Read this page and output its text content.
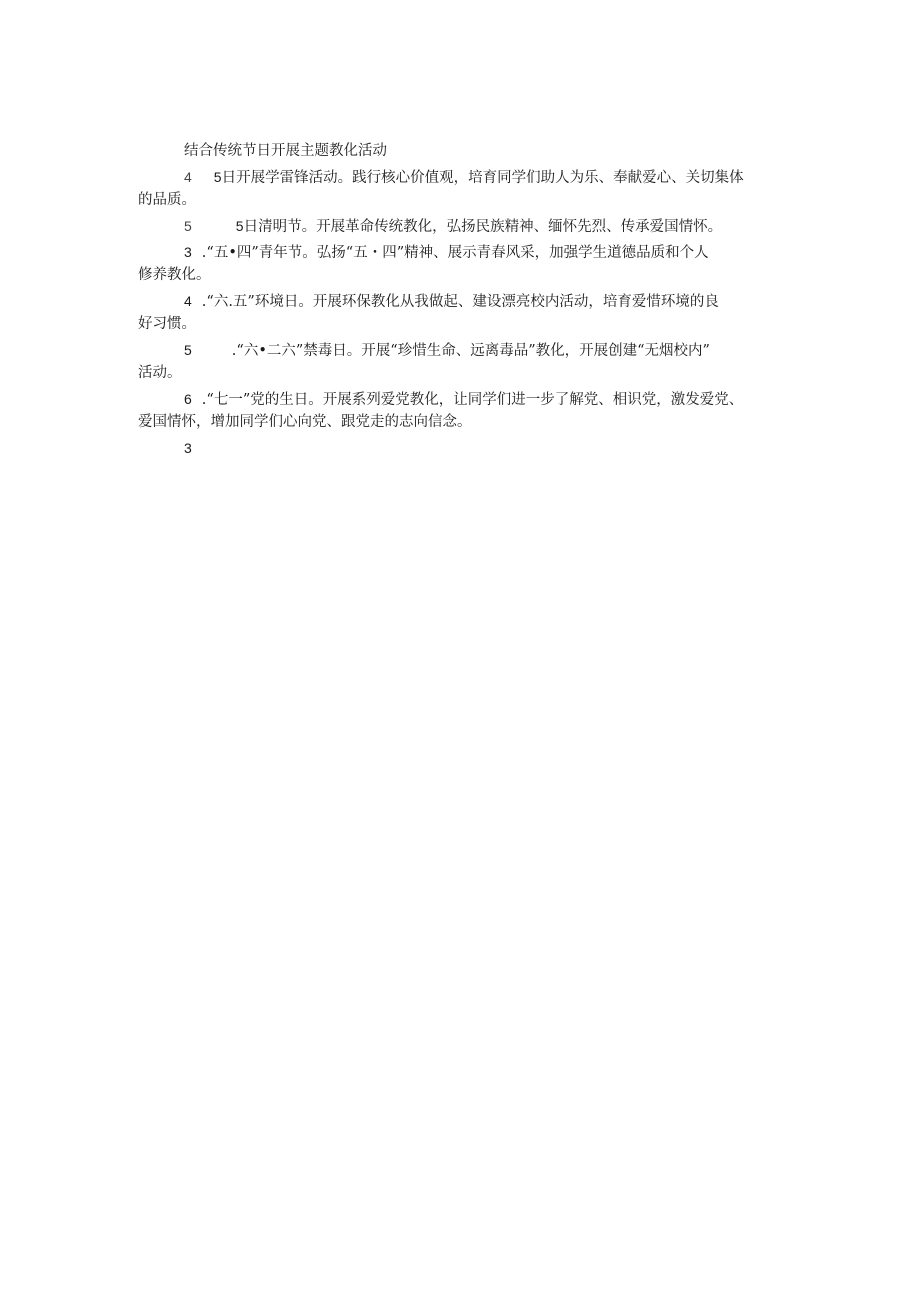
结合传统节日开展主题教化活动
4 5日开展学雷锋活动。践行核心价值观，培育同学们助人为乐、奉献爱心、关切集体
的品质。
5	5日清明节。开展革命传统教化，弘扬民族精神、缅怀先烈、传承爱国情怀。
3 .“五•四”青年节。弘扬“五・四”精神、展示青春风采，加强学生道德品质和个人
修养教化。
4 .“六.五”环境日。开展环保教化从我做起、建设漂亮校内活动，培育爱惜环境的良
好习惯。
5	.“六•二六”禁毒日。开展“珍惜生命、远离毒品”教化，开展创建“无烟校内”
活动。
6 .“七一”党的生日。开展系列爱党教化，让同学们进一步了解党、相识党，激发爱党、
爱国情怀，增加同学们心向党、跟党走的志向信念。
3
